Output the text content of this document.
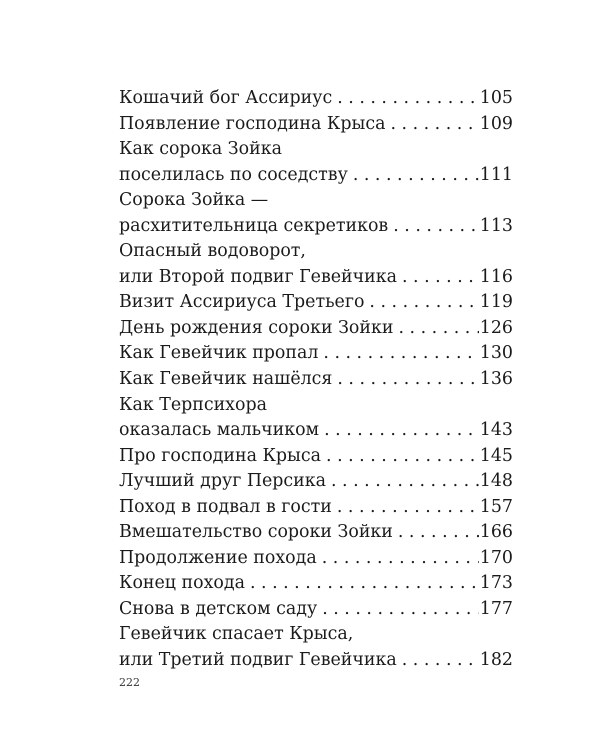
Кошачий бог Ассириус . . .	105
Появление господина Крыса . . .	109
Как сорока Зойка
поселилась по соседству . . .	111
Сорока Зойка —
расхитительница секретиков . . .	113
Опасный водоворот,
или Второй подвиг Гевейчика . . .	116
Визит Ассириуса Третьего . . .	119
День рождения сороки Зойки . . .	126
Как Гевейчик пропал . . .	130
Как Гевейчик нашёлся . . .	136
Как Терпсихора
оказалась мальчиком . . .	143
Про господина Крыса . . .	145
Лучший друг Персика . . .	148
Поход в подвал в гости . . .	157
Вмешательство сороки Зойки . . .	166
Продолжение похода . . .	170
Конец похода . . .	173
Снова в детском саду . . .	177
Гевейчик спасает Крыса,
или Третий подвиг Гевейчика . . .	182
222
